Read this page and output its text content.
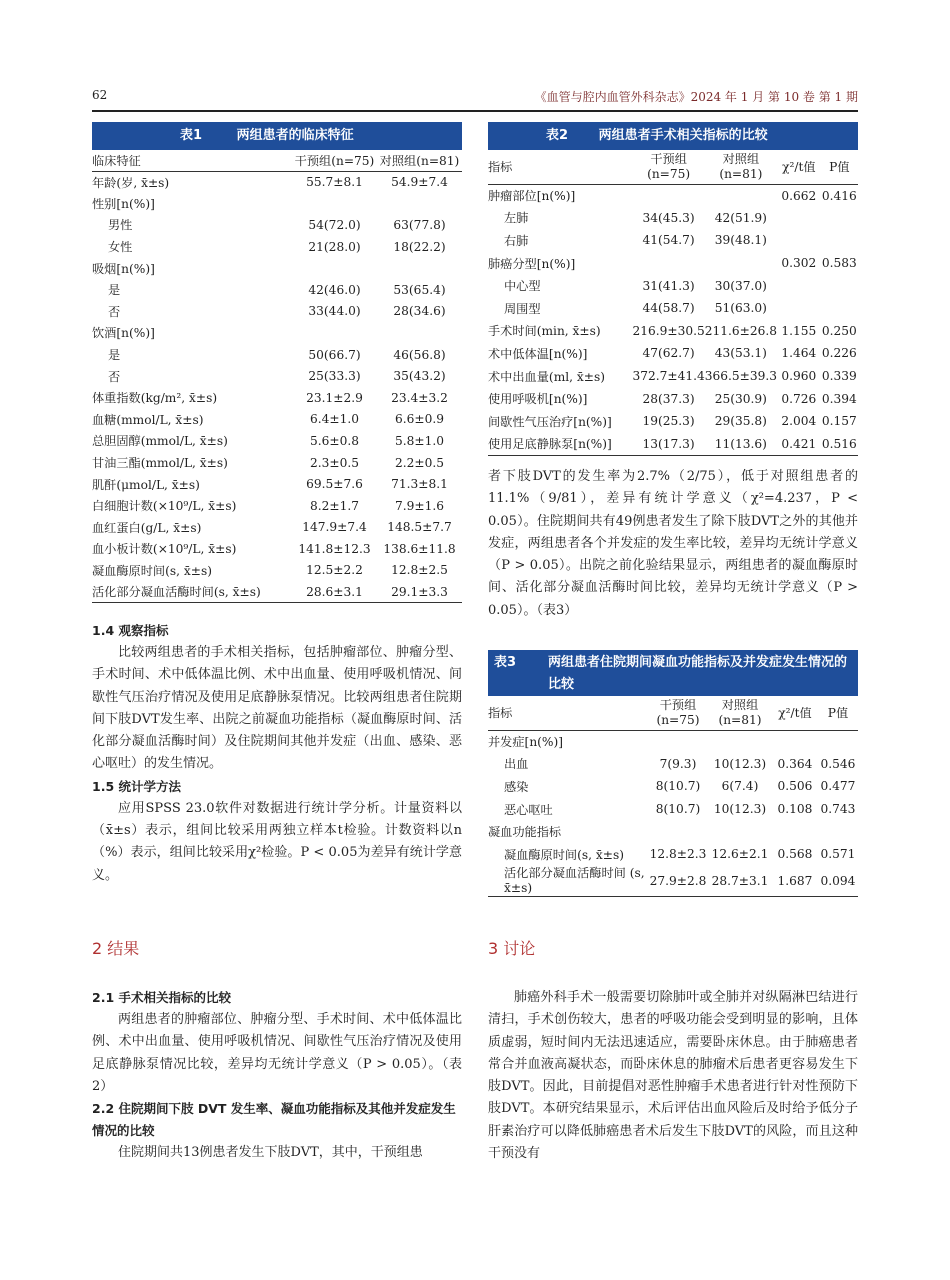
62	《血管与腔内血管外科杂志》2024 年 1 月 第 10 卷 第 1 期
表1	两组患者的临床特征
临床特征	干预组(n=75)	对照组(n=81)
年龄(岁, x̄±s)	55.7±8.1	54.9±7.4
性别[n(%)]		
男性	54(72.0)	63(77.8)
女性	21(28.0)	18(22.2)
吸烟[n(%)]		
是	42(46.0)	53(65.4)
否	33(44.0)	28(34.6)
饮酒[n(%)]		
是	50(66.7)	46(56.8)
否	25(33.3)	35(43.2)
体重指数(kg/m², x̄±s)	23.1±2.9	23.4±3.2
血糖(mmol/L, x̄±s)	6.4±1.0	6.6±0.9
总胆固醇(mmol/L, x̄±s)	5.6±0.8	5.8±1.0
甘油三酯(mmol/L, x̄±s)	2.3±0.5	2.2±0.5
肌酐(μmol/L, x̄±s)	69.5±7.6	71.3±8.1
白细胞计数(×10⁹/L, x̄±s)	8.2±1.7	7.9±1.6
血红蛋白(g/L, x̄±s)	147.9±7.4	148.5±7.7
血小板计数(×10⁹/L, x̄±s)	141.8±12.3	138.6±11.8
凝血酶原时间(s, x̄±s)	12.5±2.2	12.8±2.5
活化部分凝血活酶时间(s, x̄±s)	28.6±3.1	29.1±3.3
1.4 观察指标

比较两组患者的手术相关指标，包括肿瘤部位、肿瘤分型、手术时间、术中低体温比例、术中出血量、使用呼吸机情况、间歇性气压治疗情况及使用足底静脉泵情况。比较两组患者住院期间下肢DVT发生率、出院之前凝血功能指标（凝血酶原时间、活化部分凝血活酶时间）及住院期间其他并发症（出血、感染、恶心呕吐）的发生情况。

1.5 统计学方法

应用SPSS 23.0软件对数据进行统计学分析。计量资料以（x̄±s）表示，组间比较采用两独立样本t检验。计数资料以n（%）表示，组间比较采用χ²检验。P < 0.05为差异有统计学意义。

2 结果
2.1 手术相关指标的比较

两组患者的肿瘤部位、肿瘤分型、手术时间、术中低体温比例、术中出血量、使用呼吸机情况、间歇性气压治疗情况及使用足底静脉泵情况比较，差异均无统计学意义（P > 0.05）。（表2）

2.2 住院期间下肢 DVT 发生率、凝血功能指标及其他并发症发生情况的比较

住院期间共13例患者发生下肢DVT，其中，干预组患

表2 两组患者手术相关指标的比较
指标	干预组 (n=75)	对照组 (n=81)	χ²/t值	P值
肿瘤部位[n(%)]			0.662	0.416
左肺	34(45.3)	42(51.9)		
右肺	41(54.7)	39(48.1)		
肺癌分型[n(%)]			0.302	0.583
中心型	31(41.3)	30(37.0)		
周围型	44(58.7)	51(63.0)		
手术时间(min, x̄±s)	216.9±30.5	211.6±26.8	1.155	0.250
术中低体温[n(%)]	47(62.7)	43(53.1)	1.464	0.226
术中出血量(ml, x̄±s)	372.7±41.4	366.5±39.3	0.960	0.339
使用呼吸机[n(%)]	28(37.3)	25(30.9)	0.726	0.394
间歇性气压治疗[n(%)]	19(25.3)	29(35.8)	2.004	0.157
使用足底静脉泵[n(%)]	13(17.3)	11(13.6)	0.421	0.516

者下肢DVT的发生率为2.7%（2/75），低于对照组患者的11.1%（9/81），差异有统计学意义（χ²=4.237，P < 0.05）。住院期间共有49例患者发生了除下肢DVT之外的其他并发症，两组患者各个并发症的发生率比较，差异均无统计学意义（P > 0.05）。出院之前化验结果显示，两组患者的凝血酶原时间、活化部分凝血活酶时间比较，差异均无统计学意义（P > 0.05）。（表3）

表3	两组患者住院期间凝血功能指标及并发症发生情况的比较
指标	干预组 (n=75)	对照组 (n=81)	χ²/t值	P值
并发症[n(%)]				
出血	7(9.3)	10(12.3)	0.364	0.546
感染	8(10.7)	6(7.4)	0.506	0.477
恶心呕吐	8(10.7)	10(12.3)	0.108	0.743
凝血功能指标				
凝血酶原时间(s, x̄±s)	12.8±2.3	12.6±2.1	0.568	0.571
活化部分凝血活酶时间 (s, x̄±s)	27.9±2.8	28.7±3.1	1.687	0.094
3 讨论

肺癌外科手术一般需要切除肺叶或全肺并对纵隔淋巴结进行清扫，手术创伤较大，患者的呼吸功能会受到明显的影响，且体质虚弱，短时间内无法迅速适应，需要卧床休息。由于肺癌患者常合并血液高凝状态，而卧床休息的肺瘤术后患者更容易发生下肢DVT。因此，目前提倡对恶性肿瘤手术患者进行针对性预防下肢DVT。本研究结果显示，术后评估出血风险后及时给予低分子肝素治疗可以降低肺癌患者术后发生下肢DVT的风险，而且这种干预没有
